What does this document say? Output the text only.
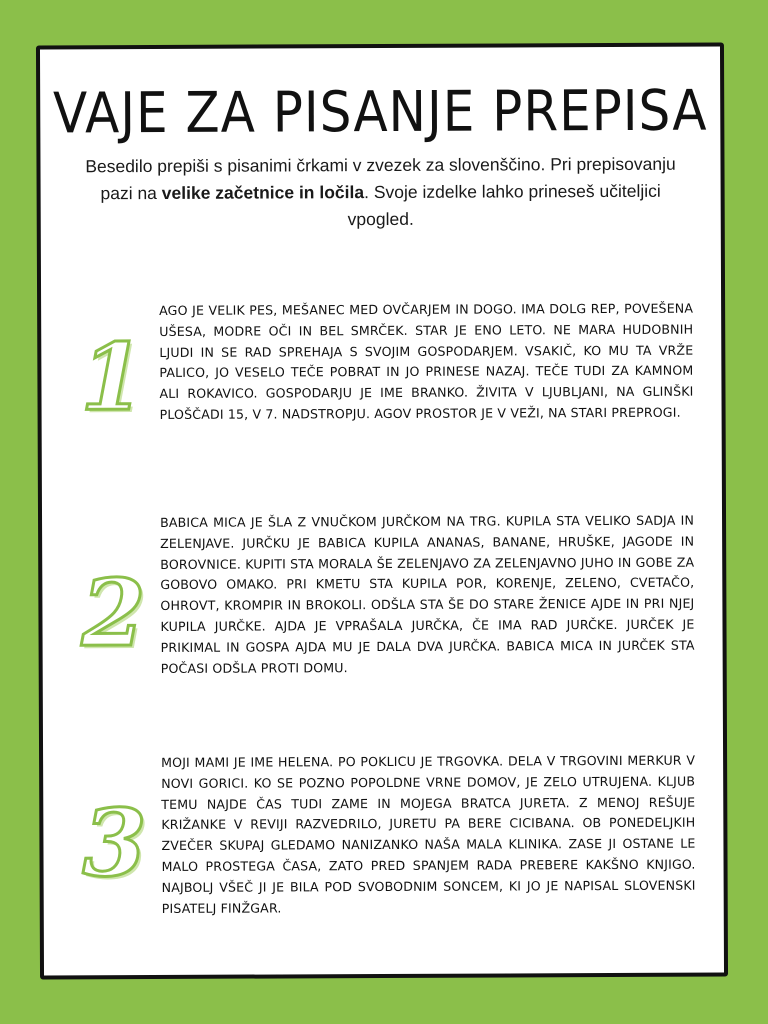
VAJE ZA PISANJE PREPISA
Besedilo prepiši s pisanimi črkami v zvezek za slovenščino. Pri prepisovanju pazi na velike začetnice in ločila. Svoje izdelke lahko prineseš učiteljici vpogled.
1
AGO JE VELIK PES, MEŠANEC MED OVČARJEM IN DOGO. IMA DOLG REP, POVEŠENA UŠESA, MODRE OČI IN BEL SMRČEK. STAR JE ENO LETO. NE MARA HUDOBNIH LJUDI IN SE RAD SPREHAJA S SVOJIM GOSPODARJEM. VSAKIČ, KO MU TA VRŽE PALICO, JO VESELO TEČE POBRAT IN JO PRINESE NAZAJ. TEČE TUDI ZA KAMNOM ALI ROKAVICO. GOSPODARJU JE IME BRANKO. ŽIVITA V LJUBLJANI, NA GLINŠKI PLOŠČADI 15, V 7. NADSTROPJU. AGOV PROSTOR JE V VEŽI, NA STARI PREPROGI.
2
BABICA MICA JE ŠLA Z VNUČKOM JURČKOM NA TRG. KUPILA STA VELIKO SADJA IN ZELENJAVE. JURČKU JE BABICA KUPILA ANANAS, BANANE, HRUŠKE, JAGODE IN BOROVNICE. KUPITI STA MORALA ŠE ZELENJAVO ZA ZELENJAVNO JUHO IN GOBE ZA GOBOVO OMAKO. PRI KMETU STA KUPILA POR, KORENJE, ZELENO, CVETAČO, OHROVT, KROMPIR IN BROKOLI. ODŠLA STA ŠE DO STARE ŽENICE AJDE IN PRI NJEJ KUPILA JURČKE. AJDA JE VPRAŠALA JURČKA, ČE IMA RAD JURČKE. JURČEK JE PRIKIMAL IN GOSPA AJDA MU JE DALA DVA JURČKA. BABICA MICA IN JURČEK STA POČASI ODŠLA PROTI DOMU.
3
MOJI MAMI JE IME HELENA. PO POKLICU JE TRGOVKA. DELA V TRGOVINI MERKUR V NOVI GORICI. KO SE POZNO POPOLDNE VRNE DOMOV, JE ZELO UTRUJENA. KLJUB TEMU NAJDE ČAS TUDI ZAME IN MOJEGA BRATCA JURETA. Z MENOJ REŠUJE KRIŽANKE V REVIJI RAZVEDRILO, JURETU PA BERE CICIBANA. OB PONEDELJKIH ZVEČER SKUPAJ GLEDAMO NANIZANKO NAŠA MALA KLINIKA. ZASE JI OSTANE LE MALO PROSTEGA ČASA, ZATO PRED SPANJEM RADA PREBERE KAKŠNO KNJIGO. NAJBOLJ VŠEČ JI JE BILA POD SVOBODNIM SONCEM, KI JO JE NAPISAL SLOVENSKI PISATELJ FINŽGAR.
